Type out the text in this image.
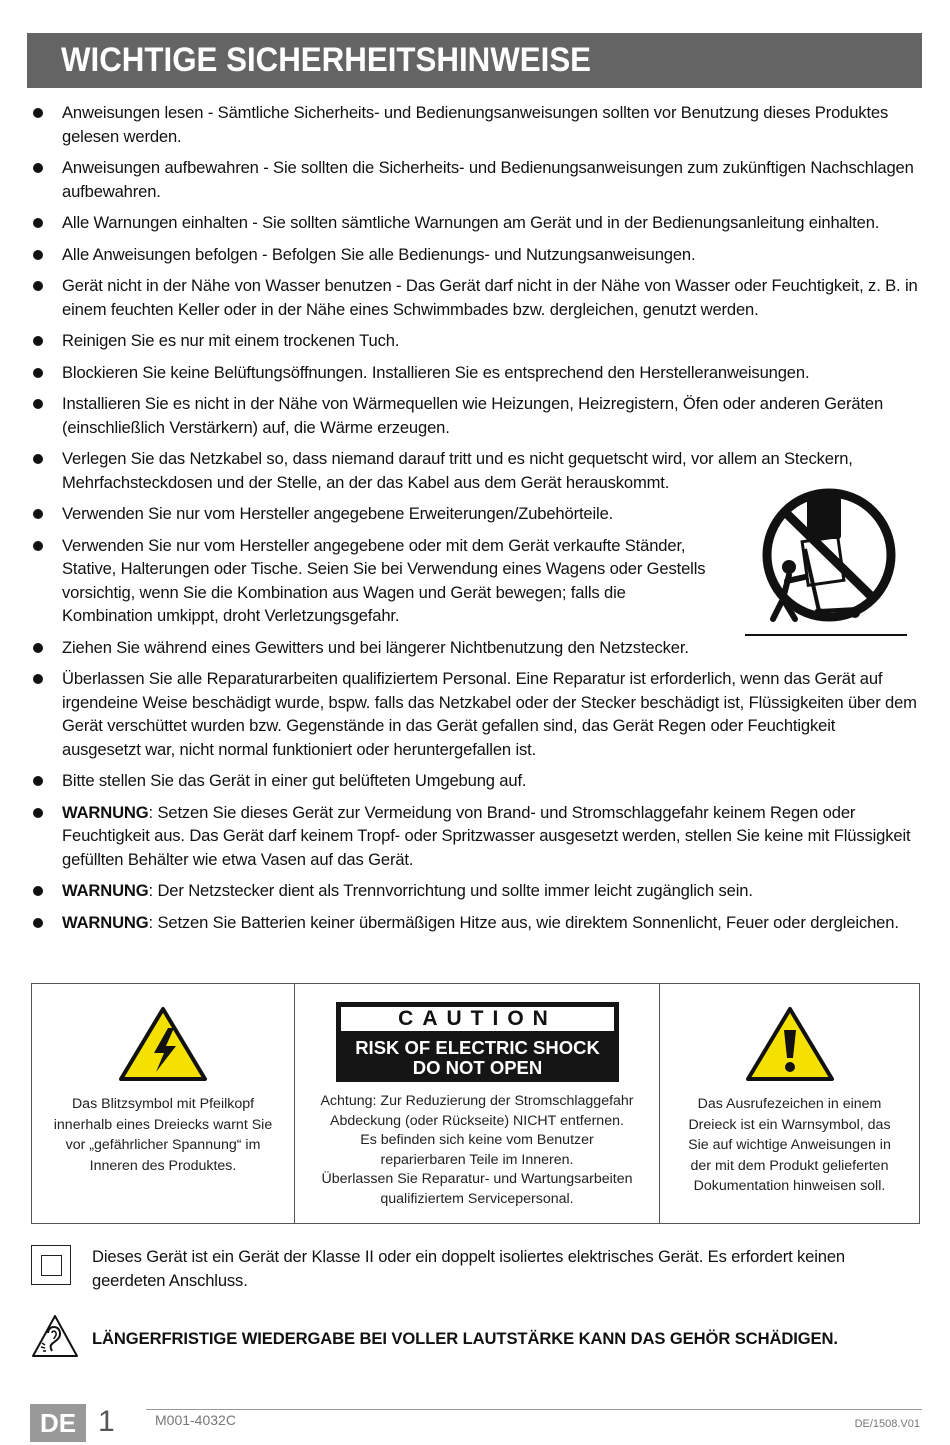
WICHTIGE SICHERHEITSHINWEISE
Anweisungen lesen - Sämtliche Sicherheits- und Bedienungsanweisungen sollten vor Benutzung dieses Produktes gelesen werden.
Anweisungen aufbewahren - Sie sollten die Sicherheits- und Bedienungsanweisungen zum zukünftigen Nachschlagen aufbewahren.
Alle Warnungen einhalten - Sie sollten sämtliche Warnungen am Gerät und in der Bedienungsanleitung einhalten.
Alle Anweisungen befolgen - Befolgen Sie alle Bedienungs- und Nutzungsanweisungen.
Gerät nicht in der Nähe von Wasser benutzen - Das Gerät darf nicht in der Nähe von Wasser oder Feuchtigkeit, z. B. in einem feuchten Keller oder in der Nähe eines Schwimmbades bzw. dergleichen, genutzt werden.
Reinigen Sie es nur mit einem trockenen Tuch.
Blockieren Sie keine Belüftungsöffnungen. Installieren Sie es entsprechend den Herstelleranweisungen.
Installieren Sie es nicht in der Nähe von Wärmequellen wie Heizungen, Heizregistern, Öfen oder anderen Geräten (einschließlich Verstärkern) auf, die Wärme erzeugen.
Verlegen Sie das Netzkabel so, dass niemand darauf tritt und es nicht gequetscht wird, vor allem an Steckern, Mehrfachsteckdosen und der Stelle, an der das Kabel aus dem Gerät herauskommt.
Verwenden Sie nur vom Hersteller angegebene Erweiterungen/Zubehörteile.
Verwenden Sie nur vom Hersteller angegebene oder mit dem Gerät verkaufte Ständer, Stative, Halterungen oder Tische. Seien Sie bei Verwendung eines Wagens oder Gestells vorsichtig, wenn Sie die Kombination aus Wagen und Gerät bewegen; falls die Kombination umkippt, droht Verletzungsgefahr.
Ziehen Sie während eines Gewitters und bei längerer Nichtbenutzung den Netzstecker.
Überlassen Sie alle Reparaturarbeiten qualifiziertem Personal. Eine Reparatur ist erforderlich, wenn das Gerät auf irgendeine Weise beschädigt wurde, bspw. falls das Netzkabel oder der Stecker beschädigt ist, Flüssigkeiten über dem Gerät verschüttet wurden bzw. Gegenstände in das Gerät gefallen sind, das Gerät Regen oder Feuchtigkeit ausgesetzt war, nicht normal funktioniert oder heruntergefallen ist.
Bitte stellen Sie das Gerät in einer gut belüfteten Umgebung auf.
WARNUNG: Setzen Sie dieses Gerät zur Vermeidung von Brand- und Stromschlaggefahr keinem Regen oder Feuchtigkeit aus. Das Gerät darf keinem Tropf- oder Spritzwasser ausgesetzt werden, stellen Sie keine mit Flüssigkeit gefüllten Behälter wie etwa Vasen auf das Gerät.
WARNUNG: Der Netzstecker dient als Trennvorrichtung und sollte immer leicht zugänglich sein.
WARNUNG: Setzen Sie Batterien keiner übermäßigen Hitze aus, wie direktem Sonnenlicht, Feuer oder dergleichen.
Das Blitzsymbol mit Pfeilkopf
innerhalb eines Dreiecks warnt Sie
vor „gefährlicher Spannung“ im
Inneren des Produktes.
CAUTION
RISK OF ELECTRIC SHOCK
DO NOT OPEN
Achtung: Zur Reduzierung der Stromschlaggefahr
Abdeckung (oder Rückseite) NICHT entfernen.
Es befinden sich keine vom Benutzer
reparierbaren Teile im Inneren.
Überlassen Sie Reparatur- und Wartungsarbeiten
qualifiziertem Servicepersonal.
Das Ausrufezeichen in einem
Dreieck ist ein Warnsymbol, das
Sie auf wichtige Anweisungen in
der mit dem Produkt gelieferten
Dokumentation hinweisen soll.
Dieses Gerät ist ein Gerät der Klasse II oder ein doppelt isoliertes elektrisches Gerät. Es erfordert keinen geerdeten Anschluss.
LÄNGERFRISTIGE WIEDERGABE BEI VOLLER LAUTSTÄRKE KANN DAS GEHÖR SCHÄDIGEN.
DE 1	M001-4032C	DE/1508.V01
